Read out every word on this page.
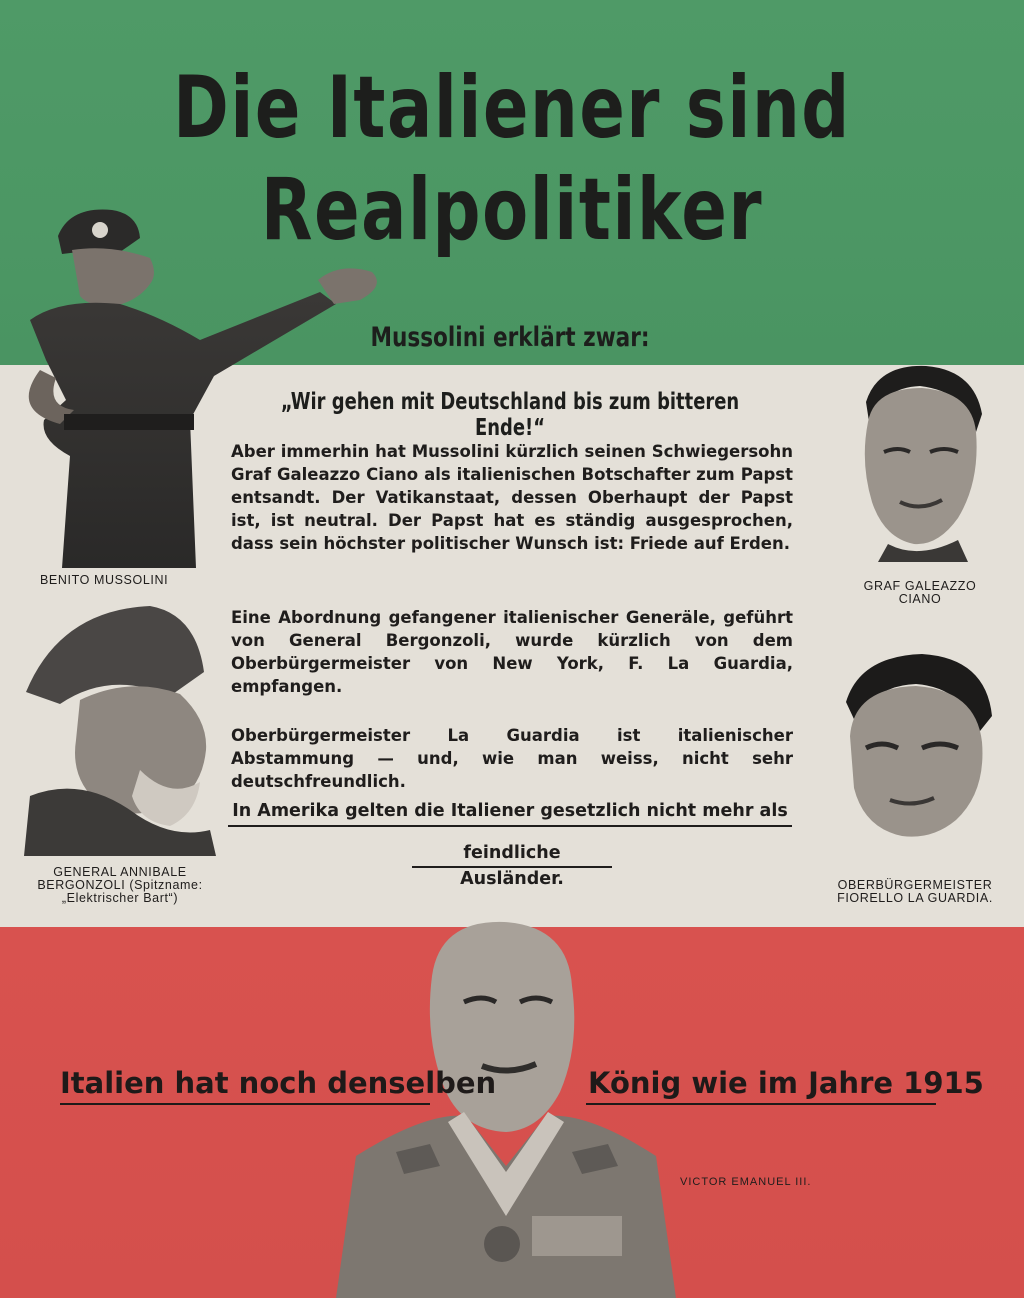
Die Italiener sind
Realpolitiker
BENITO MUSSOLINI
Mussolini erklärt zwar:
„Wir gehen mit Deutschland bis zum bitteren Ende!“
Aber immerhin hat Mussolini kürzlich seinen Schwiegersohn Graf Galeazzo Ciano als italienischen Botschafter zum Papst entsandt. Der Vatikanstaat, dessen Oberhaupt der Papst ist, ist neutral. Der Papst hat es ständig ausgesprochen, dass sein höchster politischer Wunsch ist: Friede auf Erden.
Eine Abordnung gefangener italienischer Generäle, geführt von General Bergonzoli, wurde kürzlich von dem Oberbürgermeister von New York, F. La Guardia, empfangen.
Oberbürgermeister La Guardia ist italienischer Abstammung — und, wie man weiss, nicht sehr deutschfreundlich.
In Amerika gelten die Italiener gesetzlich nicht mehr als
feindliche Ausländer.
GRAF GALEAZZO
CIANO
GENERAL ANNIBALE
BERGONZOLI (Spitzname:
„Elektrischer Bart“)
OBERBÜRGERMEISTER
FIORELLO LA GUARDIA.
VICTOR EMANUEL III.
Italien hat noch denselben	König wie im Jahre 1915
